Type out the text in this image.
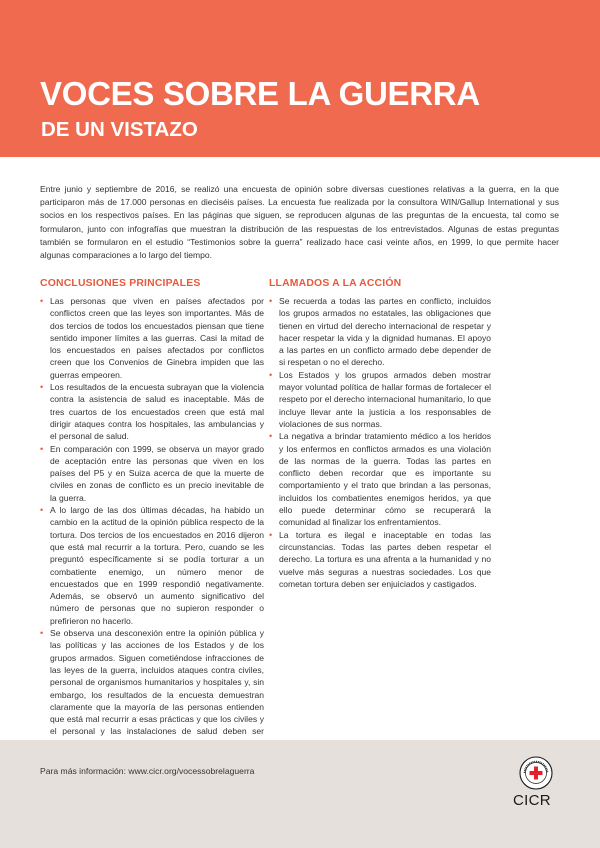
VOCES SOBRE LA GUERRA
DE UN VISTAZO

Entre junio y septiembre de 2016, se realizó una encuesta de opinión sobre diversas cuestiones relativas a la guerra, en la que participaron más de 17.000 personas en dieciséis países. La encuesta fue realizada por la consultora WIN/Gallup International y sus socios en los respectivos países. En las páginas que siguen, se reproducen algunas de las preguntas de la encuesta, tal como se formularon, junto con infografías que muestran la distribución de las respuestas de los entrevistados. Algunas de estas preguntas también se formularon en el estudio “Testimonios sobre la guerra” realizado hace casi veinte años, en 1999, lo que permite hacer algunas comparaciones a lo largo del tiempo.

CONCLUSIONES PRINCIPALES
• Las personas que viven en países afectados por conflictos creen que las leyes son importantes. Más de dos tercios de todos los encuestados piensan que tiene sentido imponer límites a las guerras. Casi la mitad de los encuestados en países afectados por conflictos creen que los Convenios de Ginebra impiden que las guerras empeoren.
• Los resultados de la encuesta subrayan que la violencia contra la asistencia de salud es inaceptable. Más de tres cuartos de los encuestados creen que está mal dirigir ataques contra los hospitales, las ambulancias y el personal de salud.
• En comparación con 1999, se observa un mayor grado de aceptación entre las personas que viven en los países del P5 y en Suiza acerca de que la muerte de civiles en zonas de conflicto es un precio inevitable de la guerra.
• A lo largo de las dos últimas décadas, ha habido un cambio en la actitud de la opinión pública respecto de la tortura. Dos tercios de los encuestados en 2016 dijeron que está mal recurrir a la tortura. Pero, cuando se les preguntó específicamente si se podía torturar a un combatiente enemigo, un número menor de encuestados que en 1999 respondió negativamente. Además, se observó un aumento significativo del número de personas que no supieron responder o prefirieron no hacerlo.
• Se observa una desconexión entre la opinión pública y las políticas y las acciones de los Estados y de los grupos armados. Siguen cometiéndose infracciones de las leyes de la guerra, incluidos ataques contra civiles, personal de organismos humanitarios y hospitales y, sin embargo, los resultados de la encuesta demuestran claramente que la mayoría de las personas entienden que está mal recurrir a esas prácticas y que los civiles y el personal y las instalaciones de salud deben ser
LLAMADOS A LA ACCIÓN
• Se recuerda a todas las partes en conflicto, incluidos los grupos armados no estatales, las obligaciones que tienen en virtud del derecho internacional de respetar y hacer respetar la vida y la dignidad humanas. El apoyo a las partes en un conflicto armado debe depender de si respetan o no el derecho.
• Los Estados y los grupos armados deben mostrar mayor voluntad política de hallar formas de fortalecer el respeto por el derecho internacional humanitario, lo que incluye llevar ante la justicia a los responsables de violaciones de sus normas.
• La negativa a brindar tratamiento médico a los heridos y los enfermos en conflictos armados es una violación de las normas de la guerra. Todas las partes en conflicto deben recordar que es importante su comportamiento y el trato que brindan a las personas, incluidos los combatientes enemigos heridos, ya que ello puede determinar cómo se recuperará la comunidad al finalizar los enfrentamientos.
• La tortura es ilegal e inaceptable en todas las circunstancias. Todas las partes deben respetar el derecho. La tortura es una afrenta a la humanidad y no vuelve más seguras a nuestras sociedades. Los que cometan tortura deben ser enjuiciados y castigados.

Para más información: www.cicr.org/vocessobrelaguerra

CICR
